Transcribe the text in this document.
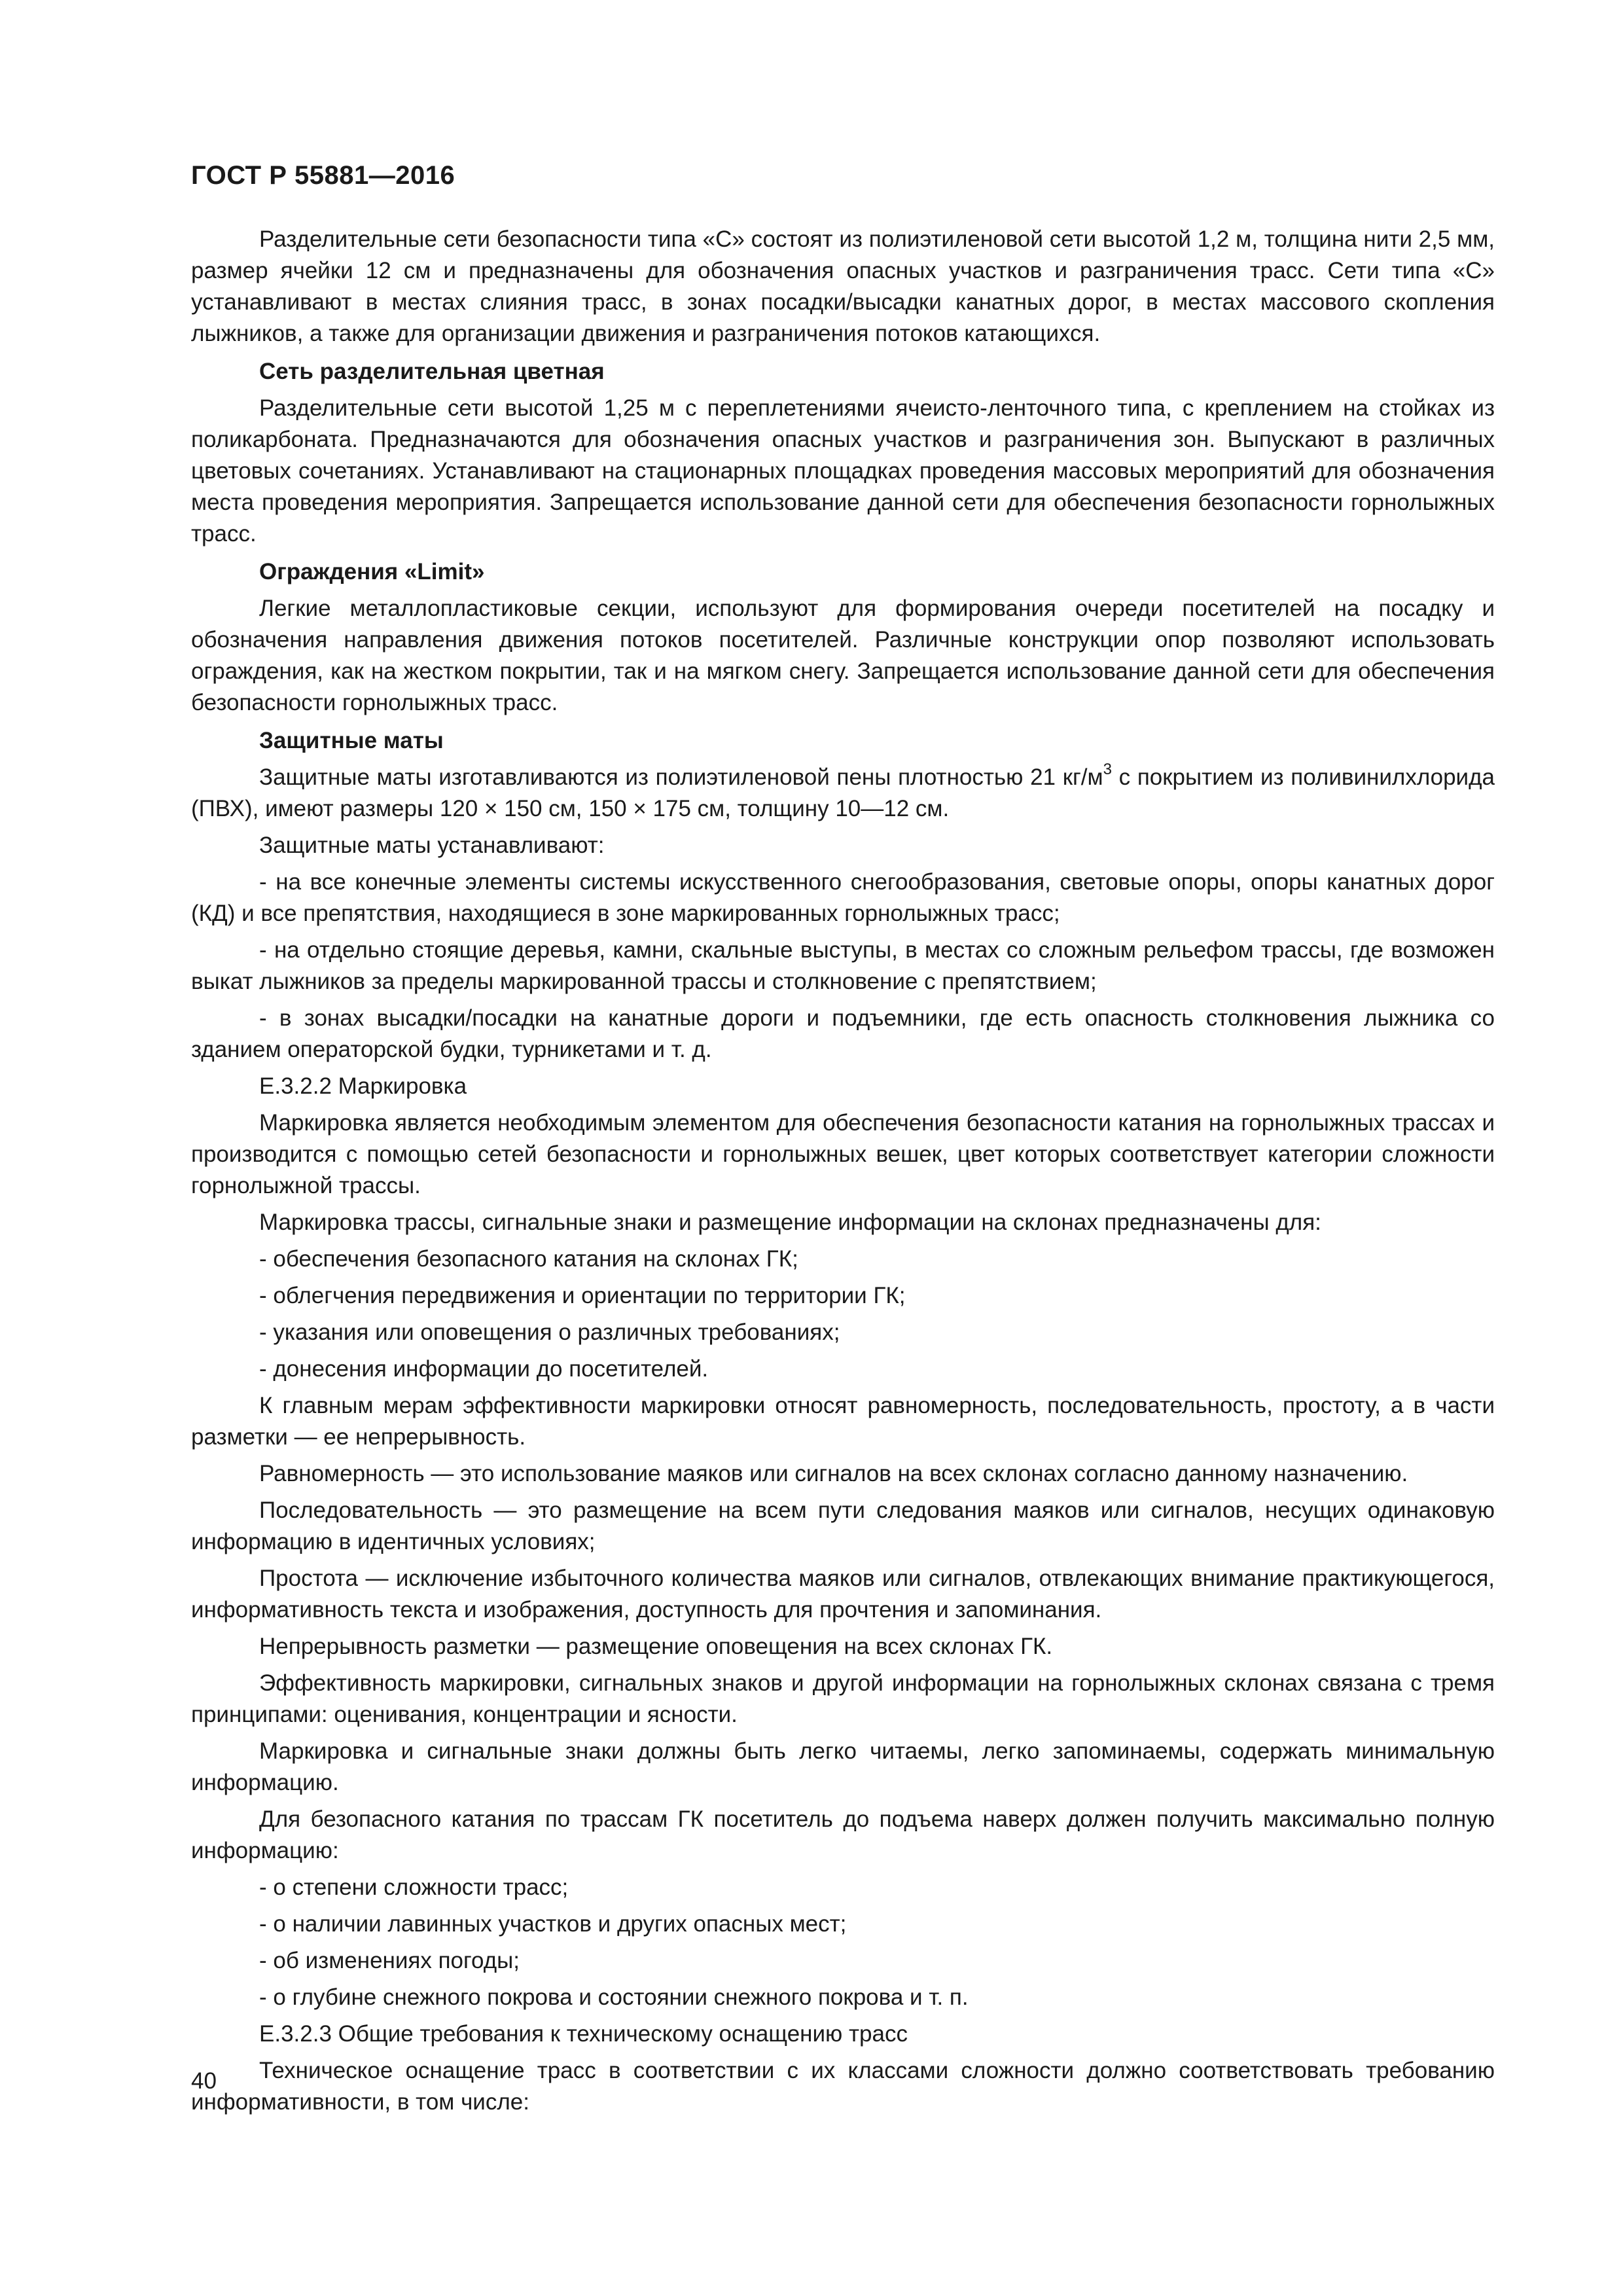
ГОСТ Р 55881—2016

Разделительные сети безопасности типа «С» состоят из полиэтиленовой сети высотой 1,2 м, толщина нити 2,5 мм, размер ячейки 12 см и предназначены для обозначения опасных участков и разграничения трасс. Сети типа «С» устанавливают в местах слияния трасс, в зонах посадки/высадки канатных дорог, в местах массового скопления лыжников, а также для организации движения и разграничения потоков катающихся.

Сеть разделительная цветная

Разделительные сети высотой 1,25 м с переплетениями ячеисто-ленточного типа, с креплением на стойках из поликарбоната. Предназначаются для обозначения опасных участков и разграничения зон. Выпускают в различных цветовых сочетаниях. Устанавливают на стационарных площадках проведения массовых мероприятий для обозначения места проведения мероприятия. Запрещается использование данной сети для обеспечения безопасности горнолыжных трасс.

Ограждения «Limit»

Легкие металлопластиковые секции, используют для формирования очереди посетителей на посадку и обозначения направления движения потоков посетителей. Различные конструкции опор позволяют использовать ограждения, как на жестком покрытии, так и на мягком снегу. Запрещается использование данной сети для обеспечения безопасности горнолыжных трасс.

Защитные маты

Защитные маты изготавливаются из полиэтиленовой пены плотностью 21 $кг/м^3$ с покрытием из поливинилхлорида (ПВХ), имеют размеры 120 × 150 см, 150 × 175 см, толщину 10—12 см.

Защитные маты устанавливают:

- на все конечные элементы системы искусственного снегообразования, световые опоры, опоры канатных дорог (КД) и все препятствия, находящиеся в зоне маркированных горнолыжных трасс;

- на отдельно стоящие деревья, камни, скальные выступы, в местах со сложным рельефом трассы, где возможен выкат лыжников за пределы маркированной трассы и столкновение с препятствием;

- в зонах высадки/посадки на канатные дороги и подъемники, где есть опасность столкновения лыжника со зданием операторской будки, турникетами и т. д.

Е.3.2.2 Маркировка

Маркировка является необходимым элементом для обеспечения безопасности катания на горнолыжных трассах и производится с помощью сетей безопасности и горнолыжных вешек, цвет которых соответствует категории сложности горнолыжной трассы.

Маркировка трассы, сигнальные знаки и размещение информации на склонах предназначены для:

- обеспечения безопасного катания на склонах ГК;

- облегчения передвижения и ориентации по территории ГК;

- указания или оповещения о различных требованиях;

- донесения информации до посетителей.

К главным мерам эффективности маркировки относят равномерность, последовательность, простоту, а в части разметки — ее непрерывность.

Равномерность — это использование маяков или сигналов на всех склонах согласно данному назначению.

Последовательность — это размещение на всем пути следования маяков или сигналов, несущих одинаковую информацию в идентичных условиях;

Простота — исключение избыточного количества маяков или сигналов, отвлекающих внимание практикующегося, информативность текста и изображения, доступность для прочтения и запоминания.

Непрерывность разметки — размещение оповещения на всех склонах ГК.

Эффективность маркировки, сигнальных знаков и другой информации на горнолыжных склонах связана с тремя принципами: оценивания, концентрации и ясности.

Маркировка и сигнальные знаки должны быть легко читаемы, легко запоминаемы, содержать минимальную информацию.

Для безопасного катания по трассам ГК посетитель до подъема наверх должен получить максимально полную информацию:

- о степени сложности трасс;

- о наличии лавинных участков и других опасных мест;

- об изменениях погоды;

- о глубине снежного покрова и состоянии снежного покрова и т. п.

Е.3.2.3 Общие требования к техническому оснащению трасс

Техническое оснащение трасс в соответствии с их классами сложности должно соответствовать требованию информативности, в том числе:

40
